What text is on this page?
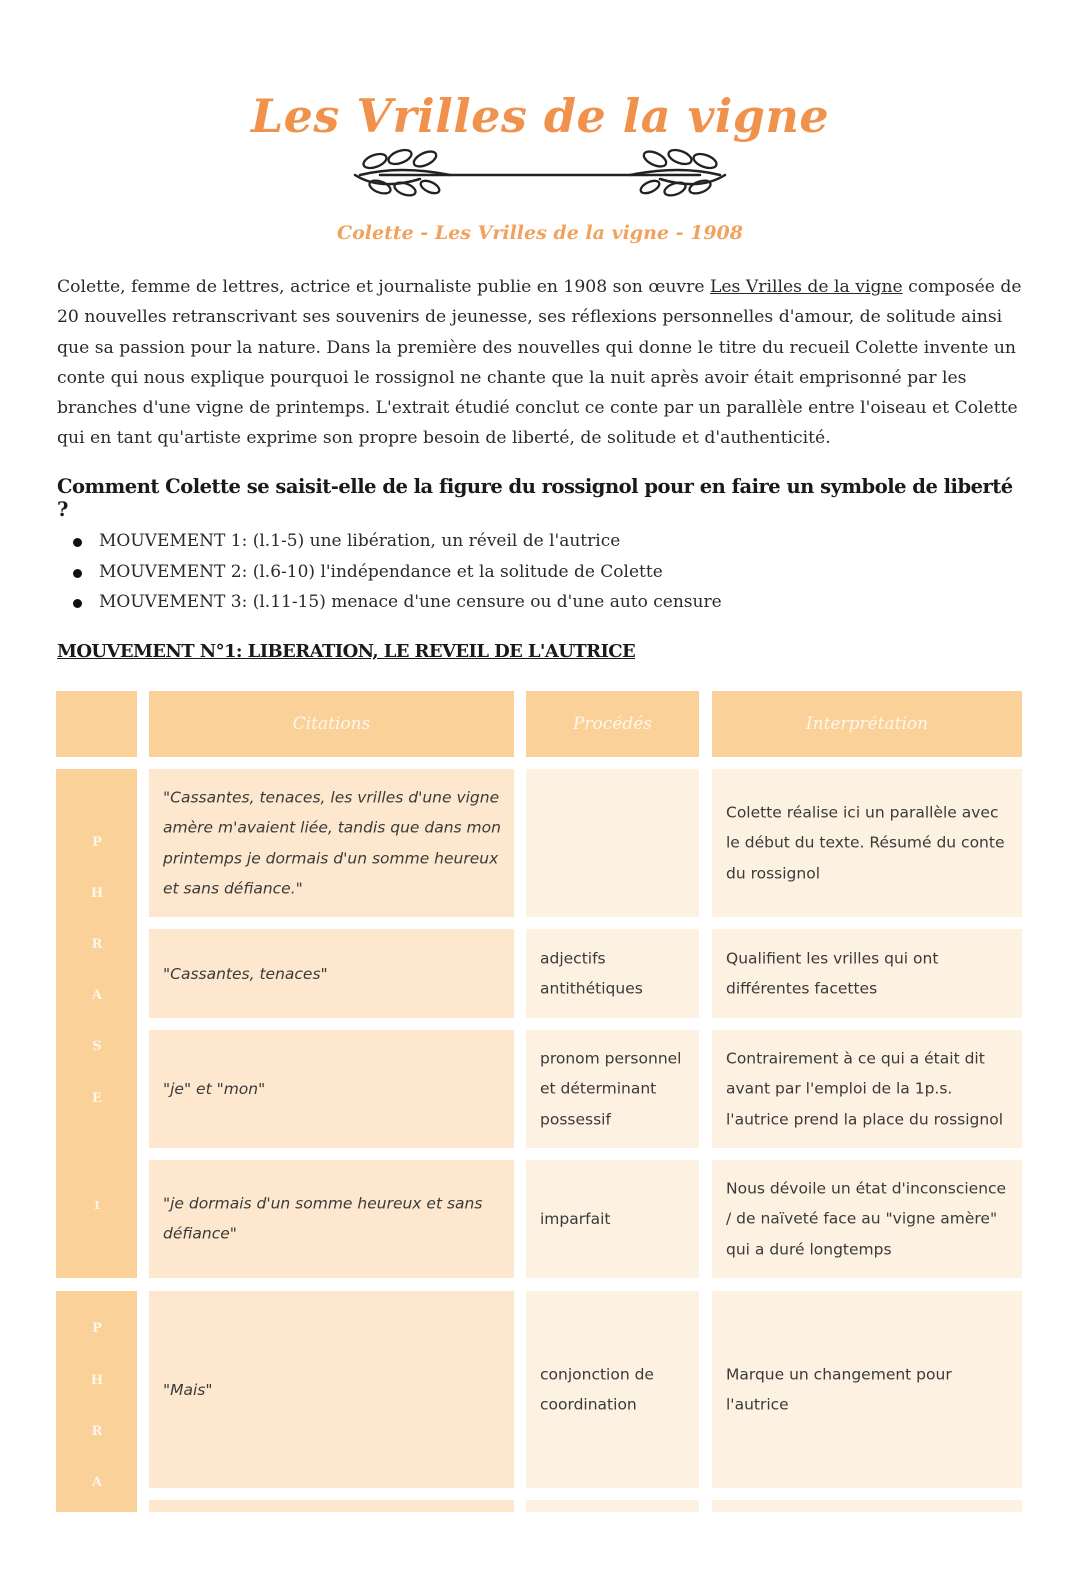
Les Vrilles de la vigne
Colette - Les Vrilles de la vigne - 1908

Colette, femme de lettres, actrice et journaliste publie en 1908 son œuvre Les Vrilles de la vigne composée de 20 nouvelles retranscrivant ses souvenirs de jeunesse, ses réflexions personnelles d'amour, de solitude ainsi que sa passion pour la nature. Dans la première des nouvelles qui donne le titre du recueil Colette invente un conte qui nous explique pourquoi le rossignol ne chante que la nuit après avoir était emprisonné par les branches d'une vigne de printemps. L'extrait étudié conclut ce conte par un parallèle entre l'oiseau et Colette qui en tant qu'artiste exprime son propre besoin de liberté, de solitude et d'authenticité.

Comment Colette se saisit-elle de la figure du rossignol pour en faire un symbole de liberté ?

MOUVEMENT 1: (l.1-5) une libération, un réveil de l'autrice
MOUVEMENT 2: (l.6-10) l'indépendance et la solitude de Colette
MOUVEMENT 3: (l.11-15) menace d'une censure ou d'une auto censure
MOUVEMENT N°1: LIBERATION, LE REVEIL DE L'AUTRICE
Citations	Procédés	Interprétation
P
H
R
A
S
E
1

"Cassantes, tenaces, les vrilles d'une vigne amère m'avaient liée, tandis que dans mon printemps je dormais d'un somme heureux et sans défiance."

Colette réalise ici un parallèle avec le début du texte. Résumé du conte du rossignol

"Cassantes, tenaces"

adjectifs antithétiques

Qualifient les vrilles qui ont différentes facettes

"je" et "mon"

pronom personnel et déterminant possessif

Contrairement à ce qui a était dit avant par l'emploi de la 1p.s. l'autrice prend la place du rossignol

"je dormais d'un somme heureux et sans défiance"

imparfait

Nous dévoile un état d'inconscience / de naïveté face au "vigne amère" qui a duré longtemps

P
H
R
A

"Mais"

conjonction de coordination

Marque un changement pour l'autrice
